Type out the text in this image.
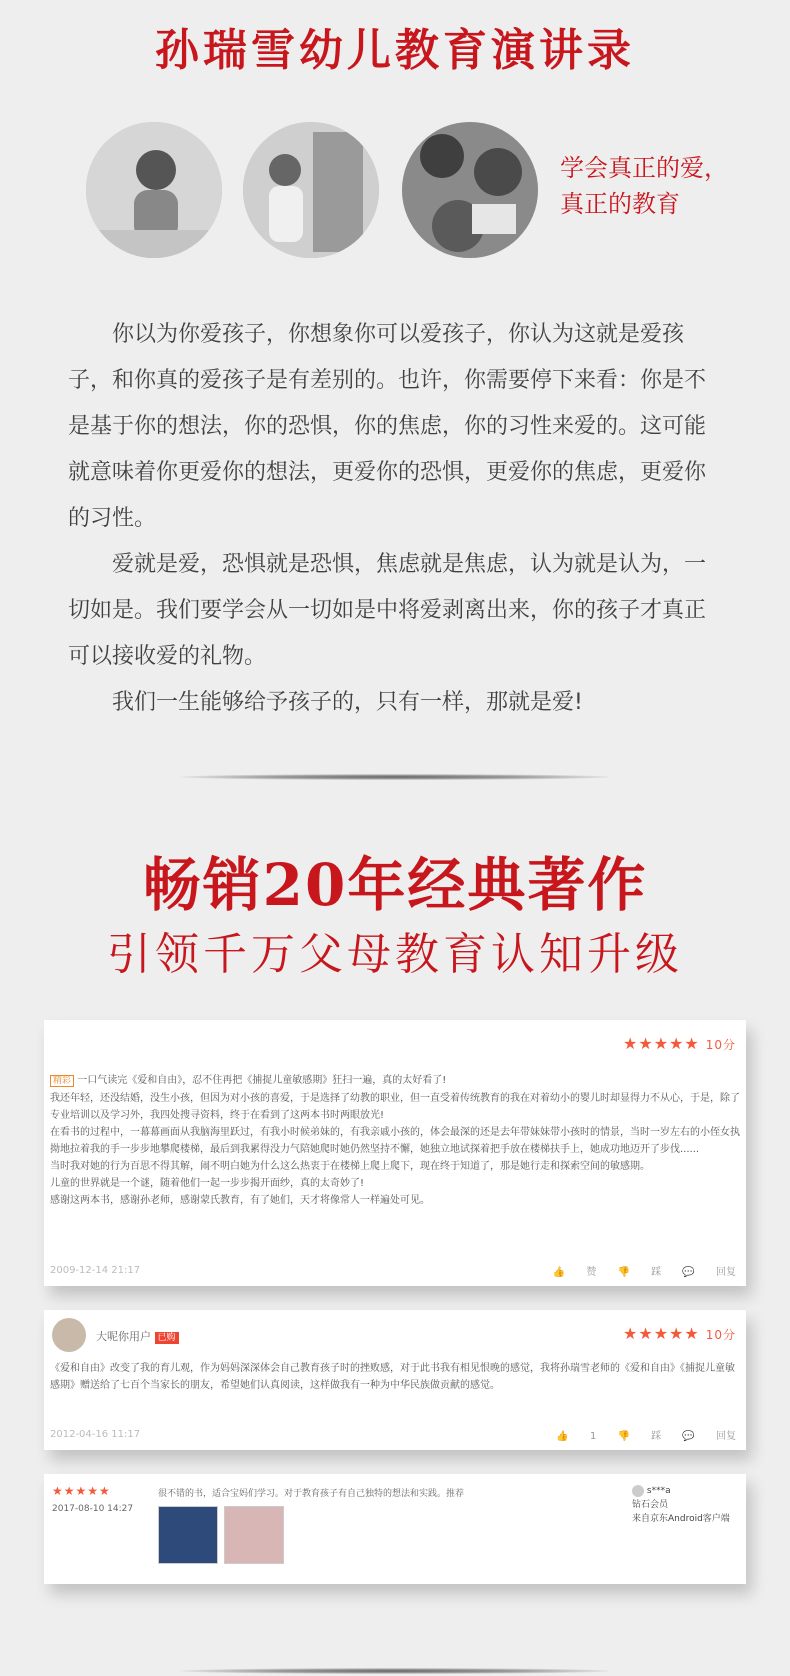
孙瑞雪幼儿教育演讲录
学会真正的爱，
真正的教育

你以为你爱孩子，你想象你可以爱孩子，你认为这就是爱孩子，和你真的爱孩子是有差别的。也许，你需要停下来看：你是不是基于你的想法，你的恐惧，你的焦虑，你的习性来爱的。这可能就意味着你更爱你的想法，更爱你的恐惧，更爱你的焦虑，更爱你的习性。

爱就是爱，恐惧就是恐惧，焦虑就是焦虑，认为就是认为，一切如是。我们要学会从一切如是中将爱剥离出来，你的孩子才真正可以接收爱的礼物。

我们一生能够给予孩子的，只有一样，那就是爱!

畅销20年经典著作
引领千万父母教育认知升级
★★★★★ 10分
精彩 一口气读完《爱和自由》，忍不住再把《捕捉儿童敏感期》狂扫一遍，真的太好看了!
我还年轻，还没结婚，没生小孩，但因为对小孩的喜爱，于是选择了幼教的职业，但一直受着传统教育的我在对着幼小的婴儿时却显得力不从心，于是，除了专业培训以及学习外，我四处搜寻资料，终于在看到了这两本书时两眼放光!
在看书的过程中，一幕幕画面从我脑海里跃过，有我小时候弟妹的，有我亲戚小孩的，体会最深的还是去年带妹妹带小孩时的情景，当时一岁左右的小侄女执拗地拉着我的手一步步地攀爬楼梯，最后到我累得没力气陪她爬时她仍然坚持不懈，她独立地试探着把手放在楼梯扶手上，她成功地迈开了步伐......
当时我对她的行为百思不得其解，闹不明白她为什么这么热衷于在楼梯上爬上爬下，现在终于知道了，那是她行走和探索空间的敏感期。
儿童的世界就是一个谜，随着他们一起一步步揭开面纱，真的太奇妙了!
感谢这两本书，感谢孙老师，感谢蒙氏教育，有了她们，天才将像常人一样遍处可见。
2009-12-14 21:17	👍 赞 👎 踩 💬 回复
大呢你用户 已购	★★★★★ 10分
《爱和自由》改变了我的育儿观，作为妈妈深深体会自己教育孩子时的挫败感，对于此书我有相见恨晚的感觉，我将孙瑞雪老师的《爱和自由》《捕捉儿童敏感期》赠送给了七百个当家长的朋友，希望她们认真阅读，这样做我有一种为中华民族做贡献的感觉。
2012-04-16 11:17	👍 1 👎 踩 💬 回复
★★★★★
2017-08-10 14:27
很不错的书，适合宝妈们学习。对于教育孩子有自己独特的想法和实践。推荐	s***a
钻石会员
来自京东Android客户端
